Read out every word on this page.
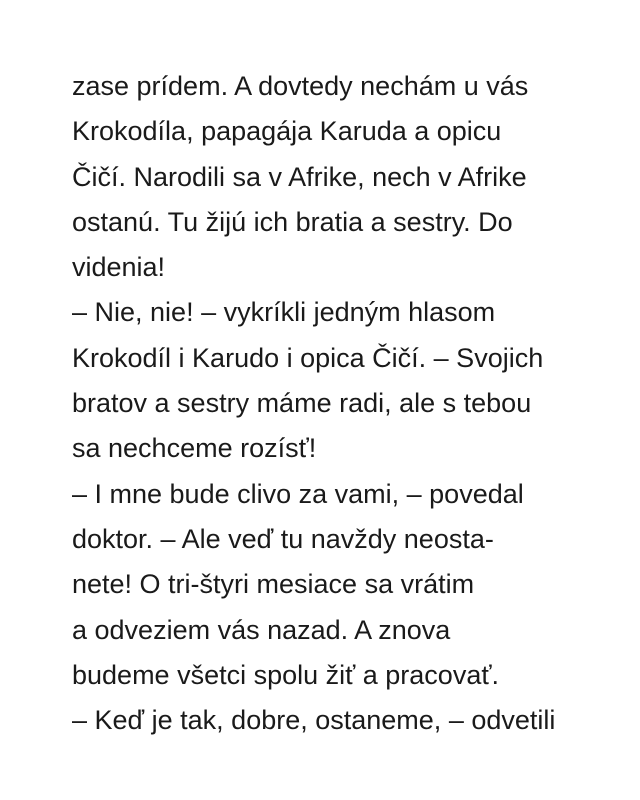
zase prídem. A dovtedy nechám u vás
Krokodíla, papagája Karuda a opicu
Čičí. Narodili sa v Afrike, nech v Afrike
ostanú. Tu žijú ich bratia a sestry. Do
videnia!
– Nie, nie! – vykríkli jedným hlasom
Krokodíl i Karudo i opica Čičí. – Svojich
bratov a sestry máme radi, ale s tebou
sa nechceme rozísť!
– I mne bude clivo za vami, – povedal
doktor. – Ale veď tu navždy neosta-
nete! O tri-štyri mesiace sa vrátim
a odveziem vás nazad. A znova
budeme všetci spolu žiť a pracovať.
– Keď je tak, dobre, ostaneme, – odvetili
